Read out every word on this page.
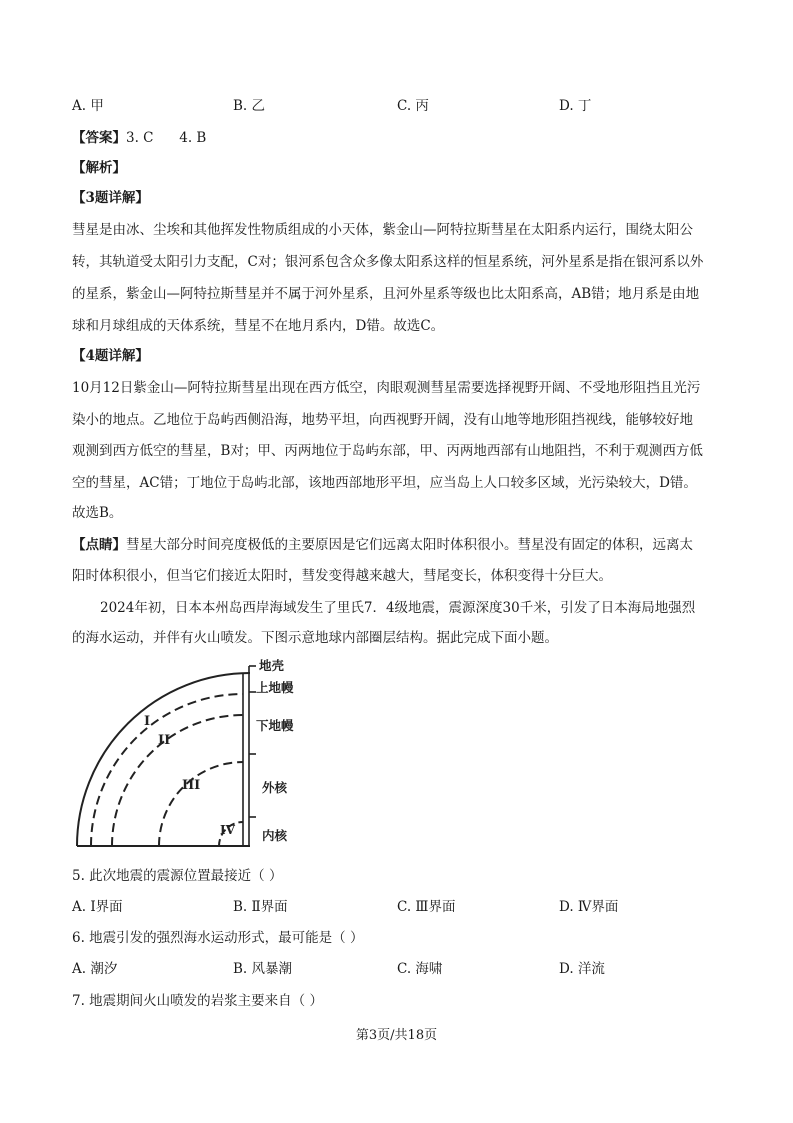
A. 甲	B. 乙	C. 丙	D. 丁
【答案】3. C      4. B
【解析】
【3题详解】
彗星是由冰、尘埃和其他挥发性物质组成的小天体，紫金山—阿特拉斯彗星在太阳系内运行，围绕太阳公
转，其轨道受太阳引力支配，C对；银河系包含众多像太阳系这样的恒星系统，河外星系是指在银河系以外
的星系，紫金山—阿特拉斯彗星并不属于河外星系，且河外星系等级也比太阳系高，AB错；地月系是由地
球和月球组成的天体系统，彗星不在地月系内，D错。故选C。
【4题详解】
10月12日紫金山—阿特拉斯彗星出现在西方低空，肉眼观测彗星需要选择视野开阔、不受地形阻挡且光污
染小的地点。乙地位于岛屿西侧沿海，地势平坦，向西视野开阔，没有山地等地形阻挡视线，能够较好地
观测到西方低空的彗星，B对；甲、丙两地位于岛屿东部，甲、丙两地西部有山地阻挡，不利于观测西方低
空的彗星，AC错；丁地位于岛屿北部，该地西部地形平坦，应当岛上人口较多区域，光污染较大，D错。
故选B。
【点睛】彗星大部分时间亮度极低的主要原因是它们远离太阳时体积很小。彗星没有固定的体积，远离太
阳时体积很小，但当它们接近太阳时，彗发变得越来越大，彗尾变长，体积变得十分巨大。
2024年初，日本本州岛西岸海域发生了里氏7．4级地震，震源深度30千米，引发了日本海局地强烈
的海水运动，并伴有火山喷发。下图示意地球内部圈层结构。据此完成下面小题。
I
II
III
IV
地壳
上地幔
下地幔
外核
内核
5. 此次地震的震源位置最接近（ ）
A. Ⅰ界面	B. Ⅱ界面	C. Ⅲ界面	D. Ⅳ界面
6. 地震引发的强烈海水运动形式，最可能是（ ）
A. 潮汐	B. 风暴潮	C. 海啸	D. 洋流
7. 地震期间火山喷发的岩浆主要来自（ ）
第3页/共18页
